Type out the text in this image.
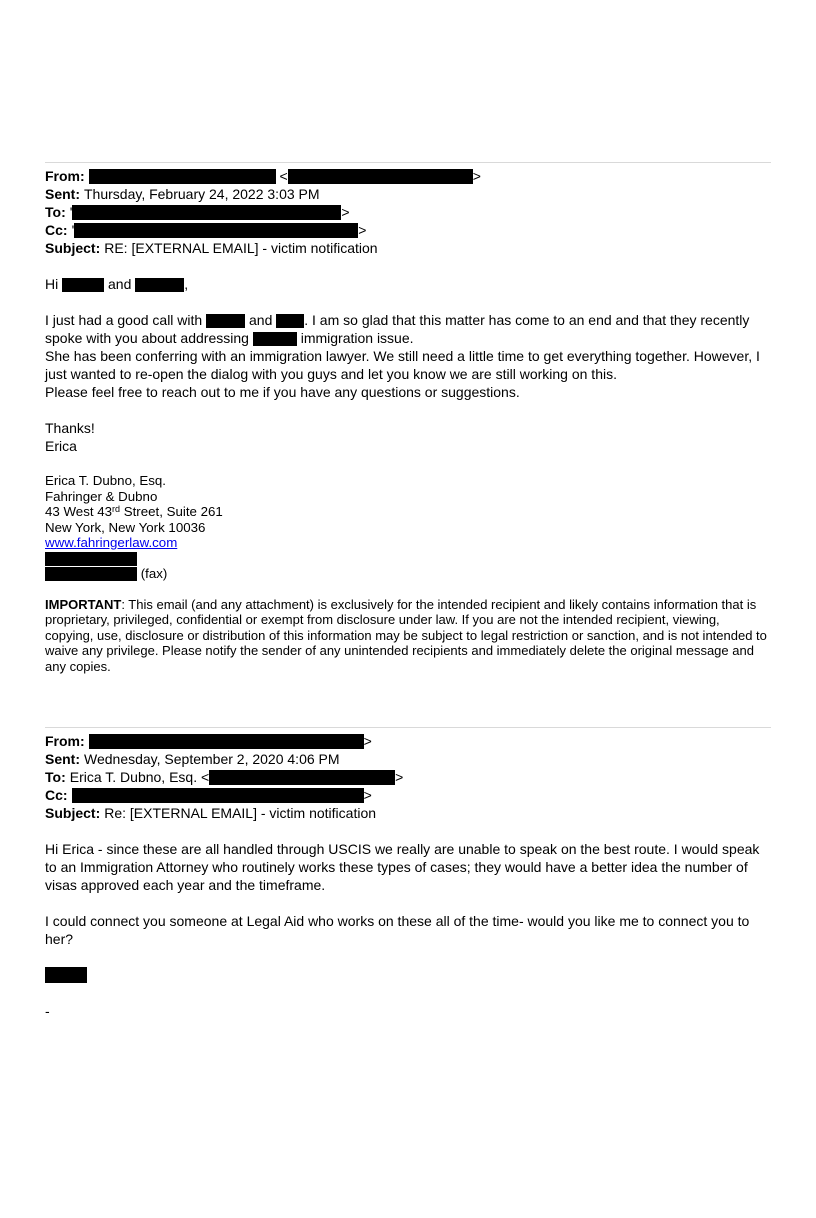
From:	<	>
Sent: Thursday, February 24, 2022 3:03 PM
To: '	>
Cc: '	>
Subject: RE: [EXTERNAL EMAIL] - victim notification

Hi	and	,

I just had a good call with	and . I am so glad that this matter has come to an end and that they recently spoke with you about addressing	immigration issue.

She has been conferring with an immigration lawyer. We still need a little time to get everything together. However, I just wanted to re-open the dialog with you guys and let you know we are still working on this.

Please feel free to reach out to me if you have any questions or suggestions.

Thanks!

Erica

Erica T. Dubno, Esq.
Fahringer & Dubno
43 West 43rd Street, Suite 261
New York, New York 10036
www.fahringerlaw.com
(fax)

IMPORTANT: This email (and any attachment) is exclusively for the intended recipient and likely contains information that is proprietary, privileged, confidential or exempt from disclosure under law. If you are not the intended recipient, viewing, copying, use, disclosure or distribution of this information may be subject to legal restriction or sanction, and is not intended to waive any privilege. Please notify the sender of any unintended recipients and immediately delete the original message and any copies.

From:	>
Sent: Wednesday, September 2, 2020 4:06 PM
To: Erica T. Dubno, Esq. <	>
Cc:	>
Subject: Re: [EXTERNAL EMAIL] - victim notification

Hi Erica - since these are all handled through USCIS we really are unable to speak on the best route. I would speak to an Immigration Attorney who routinely works these types of cases; they would have a better idea the number of visas approved each year and the timeframe.

I could connect you someone at Legal Aid who works on these all of the time- would you like me to connect you to her?

-
